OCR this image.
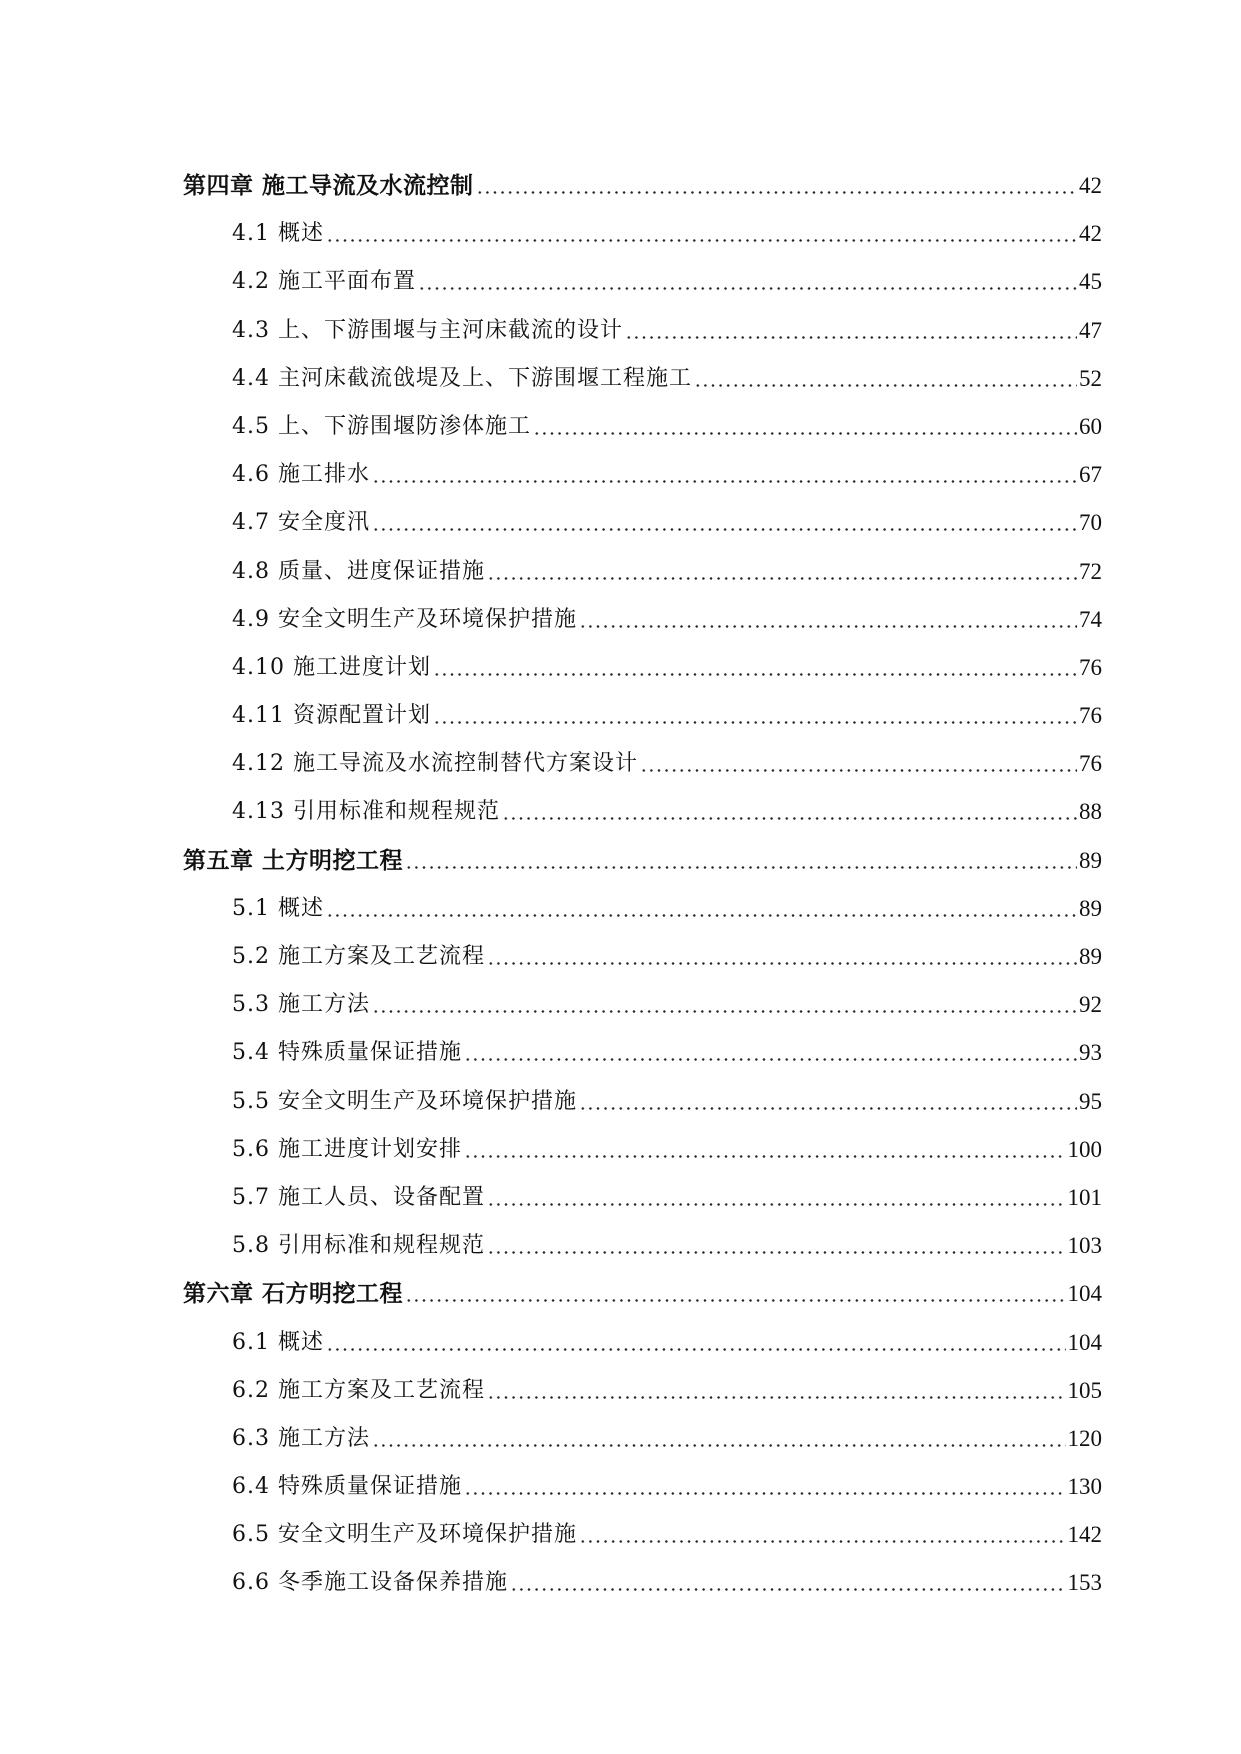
第四章 施工导流及水流控制	42
4.1 概述	42
4.2 施工平面布置	45
4.3 上、下游围堰与主河床截流的设计	47
4.4 主河床截流戗堤及上、下游围堰工程施工	52
4.5 上、下游围堰防渗体施工	60
4.6 施工排水	67
4.7 安全度汛	70
4.8 质量、进度保证措施	72
4.9 安全文明生产及环境保护措施	74
4.10 施工进度计划	76
4.11 资源配置计划	76
4.12 施工导流及水流控制替代方案设计	76
4.13 引用标准和规程规范	88
第五章 土方明挖工程	89
5.1 概述	89
5.2 施工方案及工艺流程	89
5.3 施工方法	92
5.4 特殊质量保证措施	93
5.5 安全文明生产及环境保护措施	95
5.6 施工进度计划安排	100
5.7 施工人员、设备配置	101
5.8 引用标准和规程规范	103
第六章 石方明挖工程	104
6.1 概述	104
6.2 施工方案及工艺流程	105
6.3 施工方法	120
6.4 特殊质量保证措施	130
6.5 安全文明生产及环境保护措施	142
6.6 冬季施工设备保养措施	153
